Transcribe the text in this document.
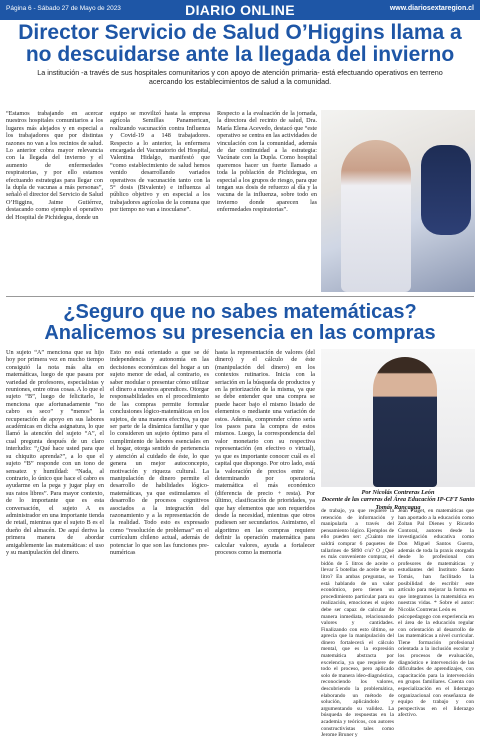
Página 6 - Sábado 27 de Mayo de 2023	DIARIO ONLINE	www.diariosextaregion.cl
Director Servicio de Salud O’Higgins llama a no descuidarse ante la llegada del invierno
La institución -a través de sus hospitales comunitarios y con apoyo de atención primaria- está efectuando operativos en terreno acercando los establecimientos de salud a la comunidad.

“Estamos trabajando en acercar nuestros hospitales comunitarios a los lugares más alejados y en especial a los trabajadores que por distintas razones no van a los recintos de salud. Lo anterior cobra mayor relevancia con la llegada del invierno y el aumento de enfermedades respiratorias, y por ello estamos efectuando estrategias para llegar con la dupla de vacunas a más personas”, señaló el director del Servicio de Salud O’Higgins, Jaime Gutiérrez, destacando como ejemplo el operativo del Hospital de Pichidegua, donde un

equipo se movilizó hasta la empresa agrícola Semillas Panamerican, realizando vacunación contra Influenza y Covid-19 a 148 trabajadores. Respecto a lo anterior, la enfermera encargada del Vacunatorio del Hospital, Valentina Hidalgo, manifestó que “como establecimiento de salud hemos venido desarrollando variados operativos de vacunación tanto con la 5° dosis (Bivalente) e influenza al público objetivo y en especial a los trabajadores agrícolas de la comuna que por tiempo no van a inocularse”.

Respecto a la evaluación de la jornada, la directora del recinto de salud, Dra. María Elena Acevedo, destacó que “este operativo se centra en las actividades de vinculación con la comunidad, además de dar continuidad a la estrategia: Vacúnate con la Dupla. Como hospital queremos hacer un fuerte llamado a toda la población de Pichidegua, en especial a los grupos de riesgo, para que tengan sus dosis de refuerzo al día y la vacuna de la influenza, sobre todo en invierno donde aparecen las enfermedades respiratorias”.

¿Seguro que no sabes matemáticas? Analicemos su presencia en las compras

Un sujeto “A” menciona que su hijo hoy por primera vez en mucho tiempo consiguió la nota más alta en matemáticas, luego de que pasara por variedad de profesores, especialistas y reuniones, entre otras cosas. A lo que el sujeto “B”, luego de felicitarlo, le menciona que afortunadamente “no cabro es seco” y “menos” la recuperación de apoyo en sus labores académicas en dicha asignatura, lo que llamó la atención del sujeto “A”, el cual pregunta después de un claro interludio: “¿Qué hace usted para que su chiquito aprenda?”, a lo que el sujeto “B” responde con un tono de sensatez y humildad: “Nada, al contrario, lo único que hace el cabro es ayudarme en la pega y jugar play en sus ratos libres”. Para mayor contexto, de lo importante que es esta conversación, el sujeto A es administrador en una importante tienda de retail, mientras que el sujeto B es el dueño del almacén. De aquí deriva la primera manera de abordar amigablemente las matemáticas: el uso y su manipulación del dinero.

Esto no está orientado a que se dé independencia y autonomía en las decisiones económicas del hogar a un sujeto menor de edad, al contrario, es saber modular o presentar cómo utilizar el dinero a nuestros aprendices. Otorgar responsabilidades en el procedimiento de las compras permite formular conclusiones lógico-matemáticas en los sujetos, de una manera efectiva, ya que ser parte de la dinámica familiar y que lo consideren un sujeto óptimo para el cumplimiento de labores esenciales en el hogar, otorga sentido de pertenencia y atención al cuidado de éste, lo que genera un mejor autoconcepto, motivación y riqueza cultural. La manipulación de dinero permite el desarrollo de habilidades lógico-matemáticas, ya que estimulamos el desarrollo de procesos cognitivos asociados a la integración del razonamiento y a la representación de la realidad. Todo esto es expresado como “resolución de problemas” en el currículum chileno actual, además de potenciar lo que son las funciones pre-numéricas

hasta la representación de valores (del dinero) y el cálculo de éste (manipulación del dinero) en los contextos rutinarios. Inicia con la seriación en la búsqueda de productos y en la priorización de la misma, ya que se debe entender que una compra se puede hacer bajo el mismo listado de elementos o mediante una variación de estos. Además, comprender cómo sería los pasos para la compra de estos mismos. Luego, la correspondencia del valor monetario con su respectiva representación (en efectivo o virtual), ya que es importante conocer cuál es el capital que dispongo. Por otro lado, está la valoración de precios entre sí, determinando por operatoria matemática el más económico (diferencia de precio + resta). Por último, clasificación de prioridades, ya que hay elementos que son requeridos desde la necesidad, mientras que otros pudiesen ser secundarios. Asimismo, el algoritmo en las compras requiere definir la operación matemática para calcular valores, ayuda a fortalecer procesos como la memoria

Por Nicolás Contreras León
Docente de las carreras del Área Educación IP-CFT Santo Tomás Rancagua

de trabajo, ya que requiere la retención de información y manipularla a través del pensamiento lógico. Ejemplos de ello pueden ser: ¿Cuánto me saldrá comprar 6 paquetes de tallarines de $890 c/u? O ¿Qué es más conveniente comprar, el bidón de 5 litros de aceite o llevar 5 botellas de aceite de un litro? En ambas preguntas, se está hablando de un valor económico, pero tienen un procedimiento particular para su realización, emociones el sujeto debe ser capaz de calcular de manera inmediata, relacionando valores y cantidades. Finalizando con esto último, se aprecia que la manipulación del dinero fortalecerá el cálculo mental, que es la expresión matemática abstracta por excelencia, ya que requiere de todo el proceso, pero aplicado solo de manera ideo-diagnóstica, reconociendo los valores, descubriendo la problemática, elaborando un método de solución, aplicándolo y argumentando su validez. La búsqueda de respuestas en la academia y teóricos, con autores constructivistas tales como Jerome Bruner y

Jean Piaget, en matemáticas que han aportado a la educación como Zoltan Pal Dienes y Ricardo Contoral, autores desde la investigación educativa como Don Miguel Santos Guerra, además de toda la praxis otorgada desde lo profesional con profesores de matemáticas y estudiantes del Instituto Santo Tomás, han facilitado la posibilidad de escribir este artículo para mejorar la forma en que integramos la matemática en nuestras vidas. * Sobre el autor: Nicolás Contreras León es

psicopedagogo con experiencia en el área de la educación regular con orientación al desarrollo de las matemáticas a nivel curricular. Tiene formación profesional orientada a la inclusión escolar y los procesos de evaluación, diagnóstico e intervención de las dificultades de aprendizajes, con capacitación para la intervención en grupos familiares. Cuenta con especialización en el liderazgo organizacional con enseñanza de equipo de trabajo y con perspectivas en el liderazgo afectivo.
